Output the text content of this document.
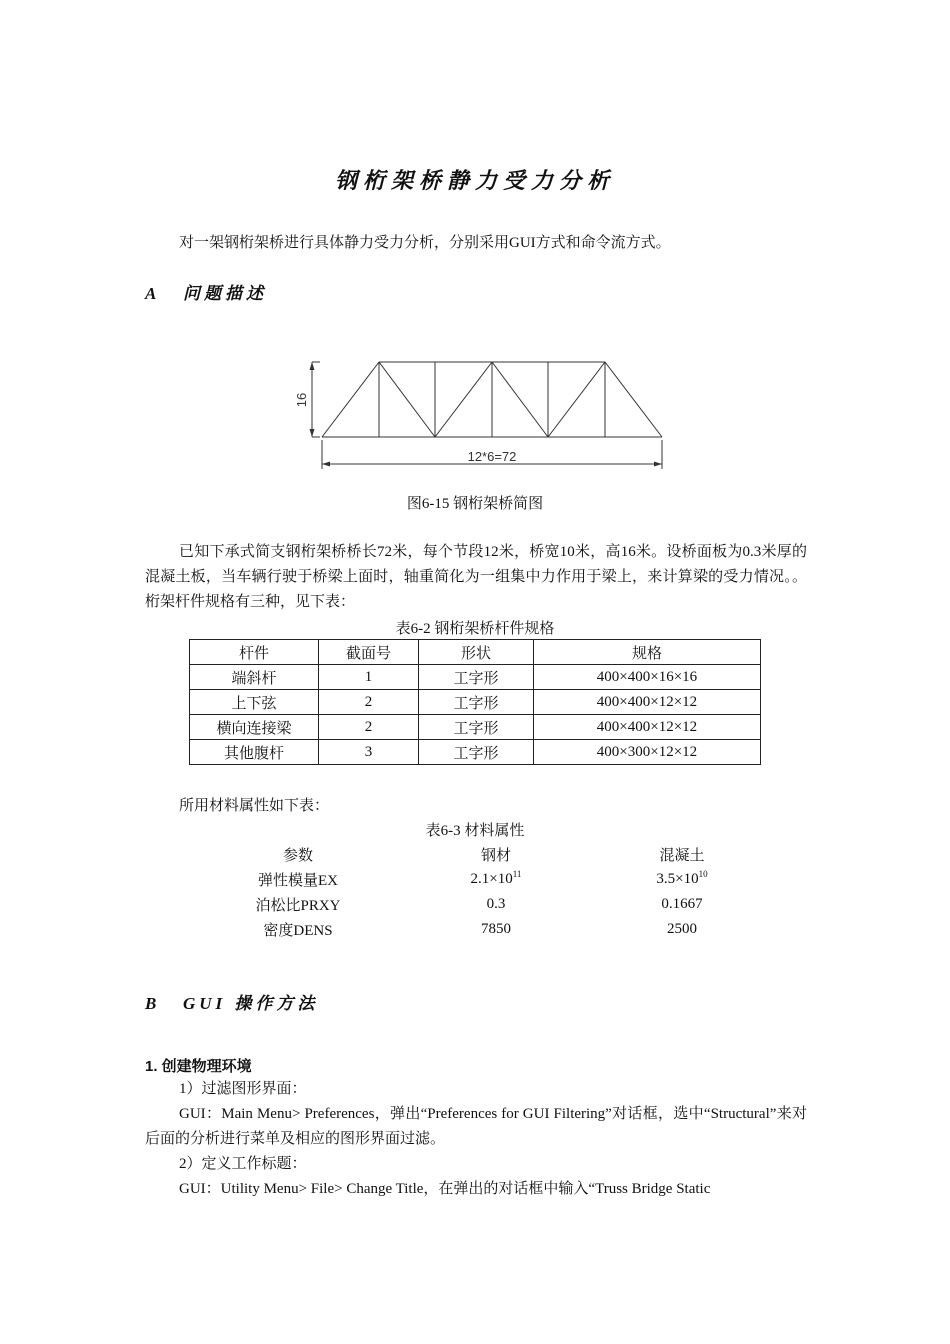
钢桁架桥静力受力分析
对一架钢桁架桥进行具体静力受力分析，分别采用GUI方式和命令流方式。
A 问题描述
16
12*6=72
图6-15 钢桁架桥简图
已知下承式简支钢桁架桥桥长72米，每个节段12米，桥宽10米，高16米。设桥面板为0.3米厚的混凝土板，当车辆行驶于桥梁上面时，轴重简化为一组集中力作用于梁上，来计算梁的受力情况。。桁架杆件规格有三种，见下表：
表6-2 钢桁架桥杆件规格
杆件	截面号	形状	规格
端斜杆	1	工字形	400×400×16×16
上下弦	2	工字形	400×400×12×12
横向连接梁	2	工字形	400×400×12×12
其他腹杆	3	工字形	400×300×12×12
所用材料属性如下表：
表6-3 材料属性
参数	钢材	混凝土
弹性模量EX	$2.1\times 10^{11}$	$3.5\times 10^{10}$
泊松比PRXY	0.3	0.1667
密度DENS	7850	2500
B GUI 操作方法
1. 创建物理环境
1）过滤图形界面：
GUI：Main Menu> Preferences，弹出“Preferences for GUI Filtering”对话框，选中“Structural”来对后面的分析进行菜单及相应的图形界面过滤。
2）定义工作标题：
GUI：Utility Menu> File> Change Title，在弹出的对话框中输入“Truss Bridge Static
